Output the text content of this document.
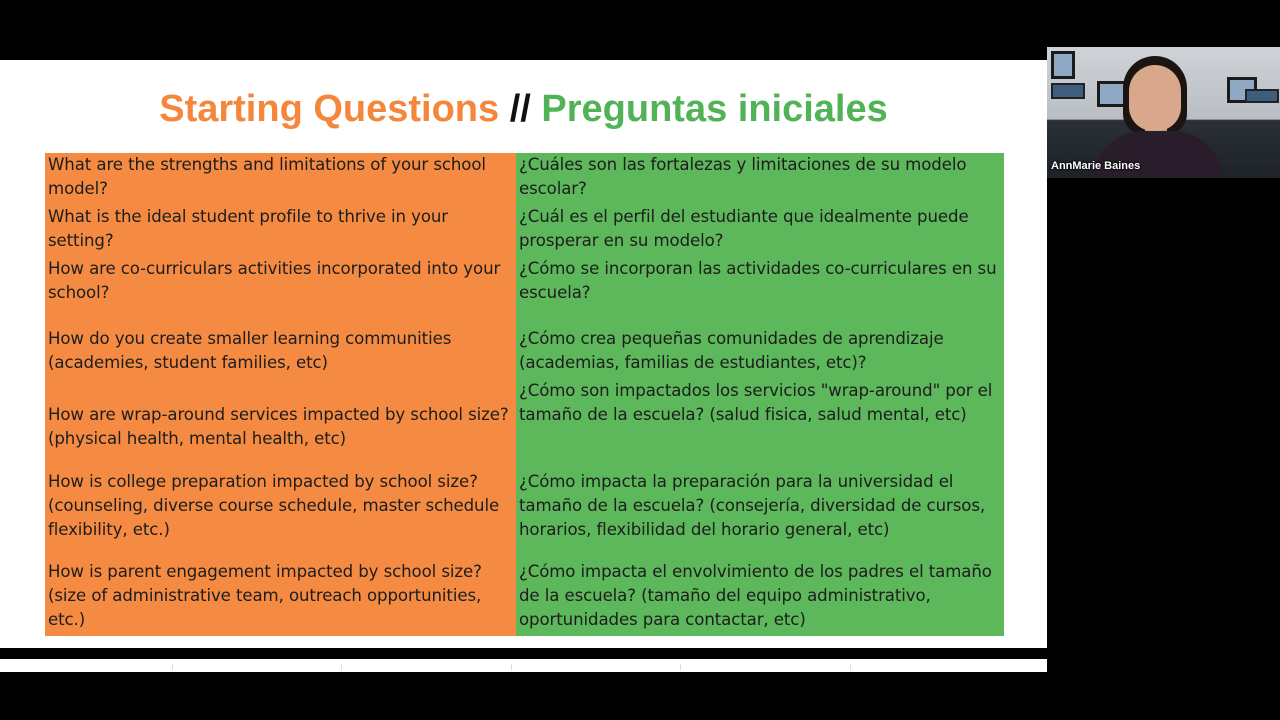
Starting Questions // Preguntas iniciales
What are the strengths and limitations of your school model?
What is the ideal student profile to thrive in your setting?
How are co-curriculars activities incorporated into your school?
How do you create smaller learning communities (academies, student families, etc)
How are wrap-around services impacted by school size? (physical health, mental health, etc)
How is college preparation impacted by school size? (counseling, diverse course schedule, master schedule flexibility, etc.)
How is parent engagement impacted by school size? (size of administrative team, outreach opportunities, etc.)
¿Cuáles son las fortalezas y limitaciones de su modelo escolar?
¿Cuál es el perfil del estudiante que idealmente puede prosperar en su modelo?
¿Cómo se incorporan las actividades co-curriculares en su escuela?
¿Cómo crea pequeñas comunidades de aprendizaje (academias, familias de estudiantes, etc)?
¿Cómo son impactados los servicios "wrap-around" por el tamaño de la escuela? (salud fisica, salud mental, etc)
¿Cómo impacta la preparación para la universidad el tamaño de la escuela? (consejería, diversidad de cursos, horarios, flexibilidad del horario general, etc)
¿Cómo impacta el envolvimiento de los padres el tamaño de la escuela? (tamaño del equipo administrativo, oportunidades para contactar, etc)
AnnMarie Baines
